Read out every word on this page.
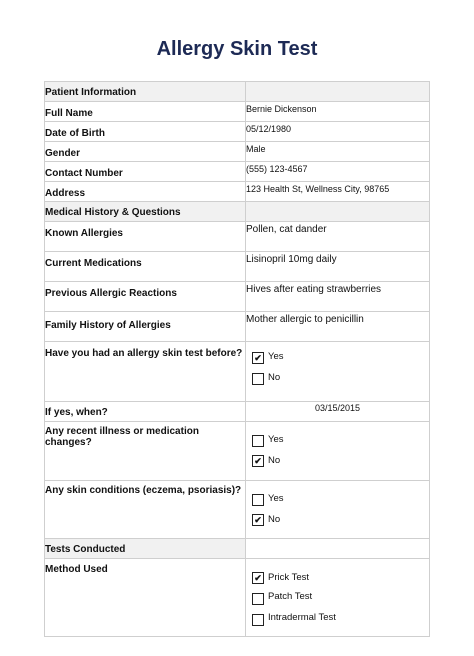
Allergy Skin Test
Patient Information	

Full Name	Bernie Dickenson

Date of Birth	05/12/1980

Gender	Male

Contact Number	(555) 123-4567

Address	123 Health St, Wellness City, 98765

Medical History & Questions	

Known Allergies	Pollen, cat dander

Current Medications	Lisinopril 10mg daily

Previous Allergic Reactions	Hives after eating strawberries

Family History of Allergies	Mother allergic to penicillin

Have you had an allergy skin test before?	✔ Yes
No

If yes, when?	03/15/2015

Any recent illness or medication changes?	Yes
✔ No

Any skin conditions (eczema, psoriasis)?	Yes
✔ No

Tests Conducted	

Method Used	✔ Prick Test
Patch Test
Intradermal Test
